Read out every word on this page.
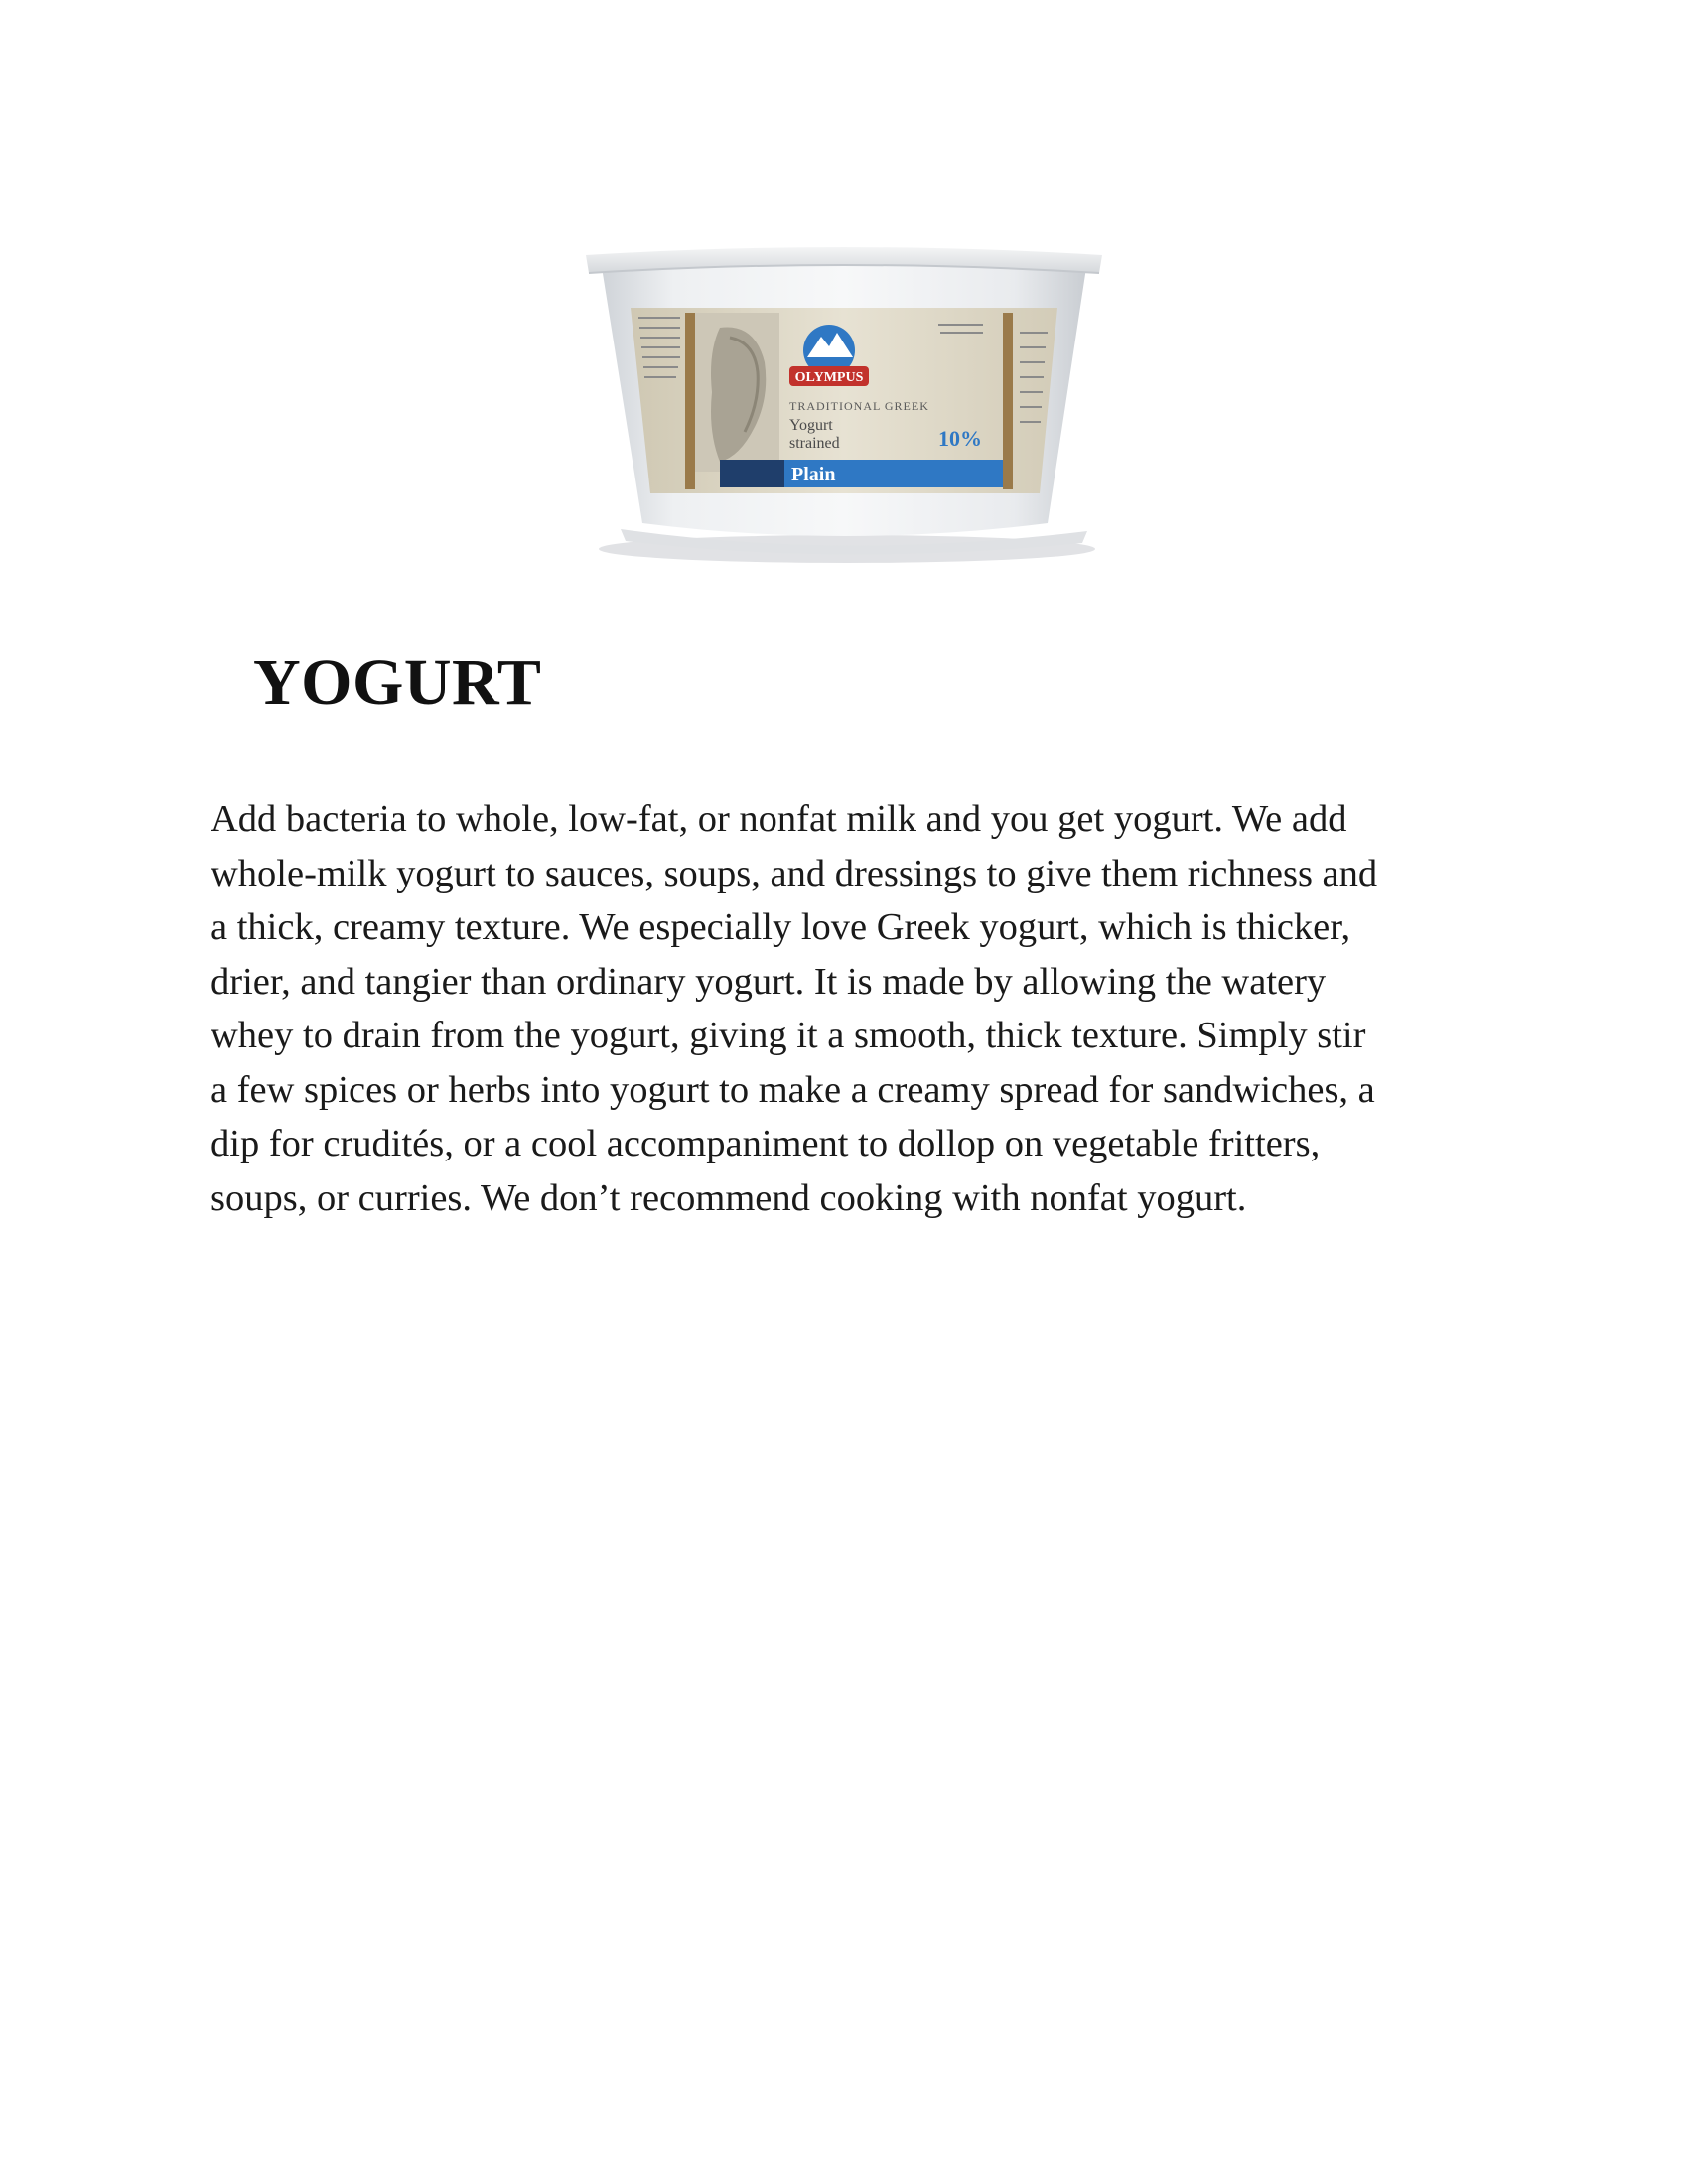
OLYMPUS
TRADITIONAL GREEK
Yogurt
strained	10%
Plain
YOGURT

Add bacteria to whole, low-fat, or nonfat milk and you get yogurt. We add
whole-milk yogurt to sauces, soups, and dressings to give them richness and
a thick, creamy texture. We especially love Greek yogurt, which is thicker,
drier, and tangier than ordinary yogurt. It is made by allowing the watery
whey to drain from the yogurt, giving it a smooth, thick texture. Simply stir
a few spices or herbs into yogurt to make a creamy spread for sandwiches, a
dip for crudités, or a cool accompaniment to dollop on vegetable fritters,
soups, or curries. We don’t recommend cooking with nonfat yogurt.
